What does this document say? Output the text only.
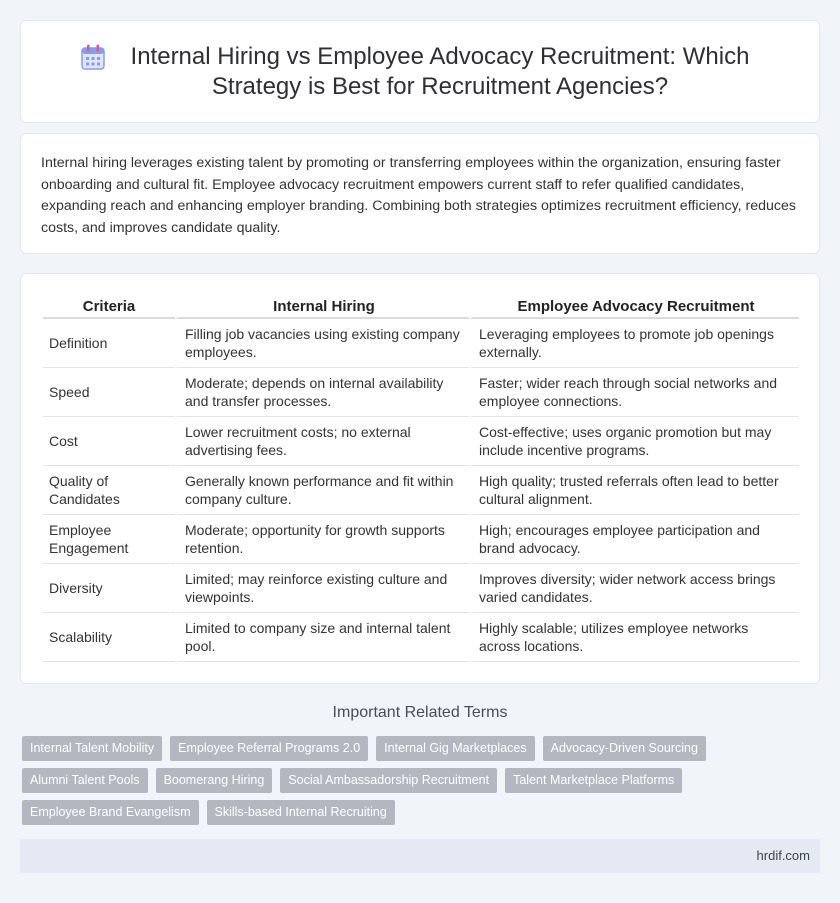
Internal Hiring vs Employee Advocacy Recruitment: Which Strategy is Best for Recruitment Agencies?

Internal hiring leverages existing talent by promoting or transferring employees within the organization, ensuring faster onboarding and cultural fit. Employee advocacy recruitment empowers current staff to refer qualified candidates, expanding reach and enhancing employer branding. Combining both strategies optimizes recruitment efficiency, reduces costs, and improves candidate quality.

Criteria	Internal Hiring	Employee Advocacy Recruitment
Definition	Filling job vacancies using existing company employees.	Leveraging employees to promote job openings externally.
Speed	Moderate; depends on internal availability and transfer processes.	Faster; wider reach through social networks and employee connections.
Cost	Lower recruitment costs; no external advertising fees.	Cost-effective; uses organic promotion but may include incentive programs.
Quality of Candidates	Generally known performance and fit within company culture.	High quality; trusted referrals often lead to better cultural alignment.
Employee Engagement	Moderate; opportunity for growth supports retention.	High; encourages employee participation and brand advocacy.
Diversity	Limited; may reinforce existing culture and viewpoints.	Improves diversity; wider network access brings varied candidates.
Scalability	Limited to company size and internal talent pool.	Highly scalable; utilizes employee networks across locations.
Important Related Terms
Internal Talent Mobility	Employee Referral Programs 2.0	Internal Gig Marketplaces	Advocacy-Driven Sourcing
Alumni Talent Pools	Boomerang Hiring	Social Ambassadorship Recruitment	Talent Marketplace Platforms
Employee Brand Evangelism	Skills-based Internal Recruiting
hrdif.com
